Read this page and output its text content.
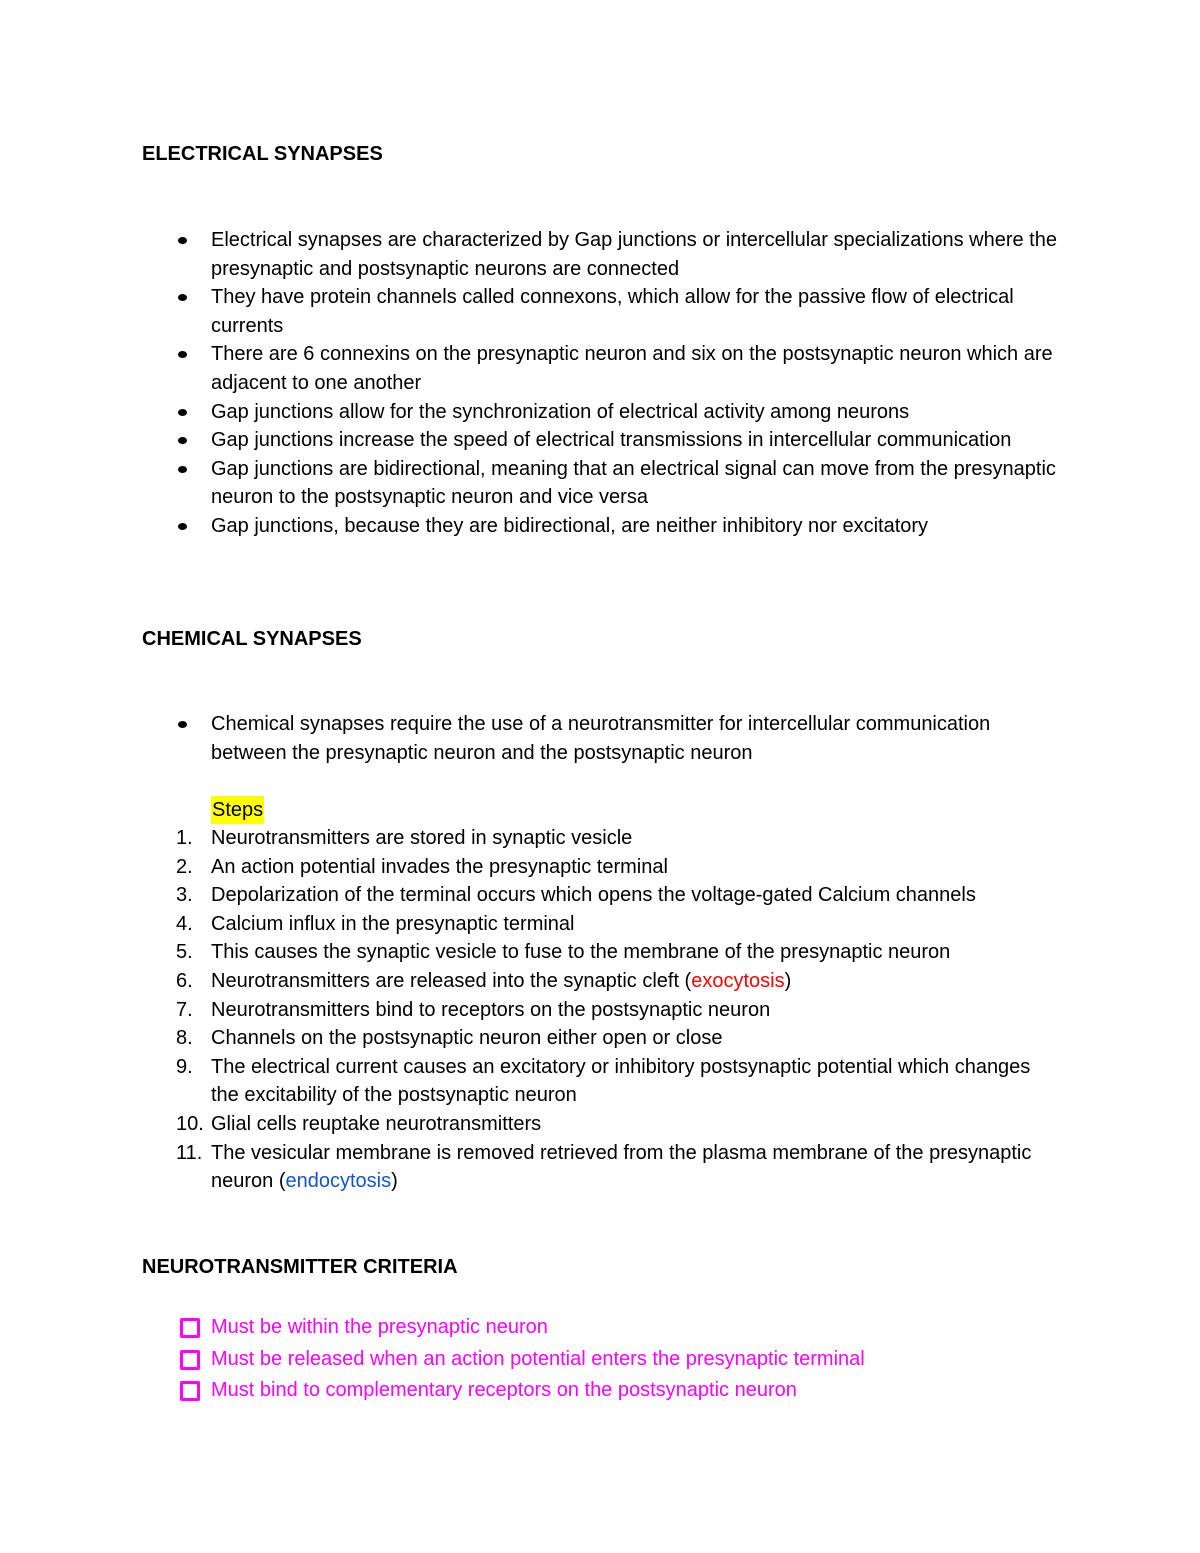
ELECTRICAL SYNAPSES
Electrical synapses are characterized by Gap junctions or intercellular specializations where the presynaptic and postsynaptic neurons are connected
They have protein channels called connexons, which allow for the passive flow of electrical currents
There are 6 connexins on the presynaptic neuron and six on the postsynaptic neuron which are adjacent to one another
Gap junctions allow for the synchronization of electrical activity among neurons
Gap junctions increase the speed of electrical transmissions in intercellular communication
Gap junctions are bidirectional, meaning that an electrical signal can move from the presynaptic neuron to the postsynaptic neuron and vice versa
Gap junctions, because they are bidirectional, are neither inhibitory nor excitatory
CHEMICAL SYNAPSES
Chemical synapses require the use of a neurotransmitter for intercellular communication between the presynaptic neuron and the postsynaptic neuron
Steps
1. Neurotransmitters are stored in synaptic vesicle
2. An action potential invades the presynaptic terminal
3. Depolarization of the terminal occurs which opens the voltage-gated Calcium channels
4. Calcium influx in the presynaptic terminal
5. This causes the synaptic vesicle to fuse to the membrane of the presynaptic neuron
6. Neurotransmitters are released into the synaptic cleft (exocytosis)
7. Neurotransmitters bind to receptors on the postsynaptic neuron
8. Channels on the postsynaptic neuron either open or close
9. The electrical current causes an excitatory or inhibitory postsynaptic potential which changes the excitability of the postsynaptic neuron
10. Glial cells reuptake neurotransmitters
11. The vesicular membrane is removed retrieved from the plasma membrane of the presynaptic neuron (endocytosis)
NEUROTRANSMITTER CRITERIA
Must be within the presynaptic neuron
Must be released when an action potential enters the presynaptic terminal
Must bind to complementary receptors on the postsynaptic neuron
